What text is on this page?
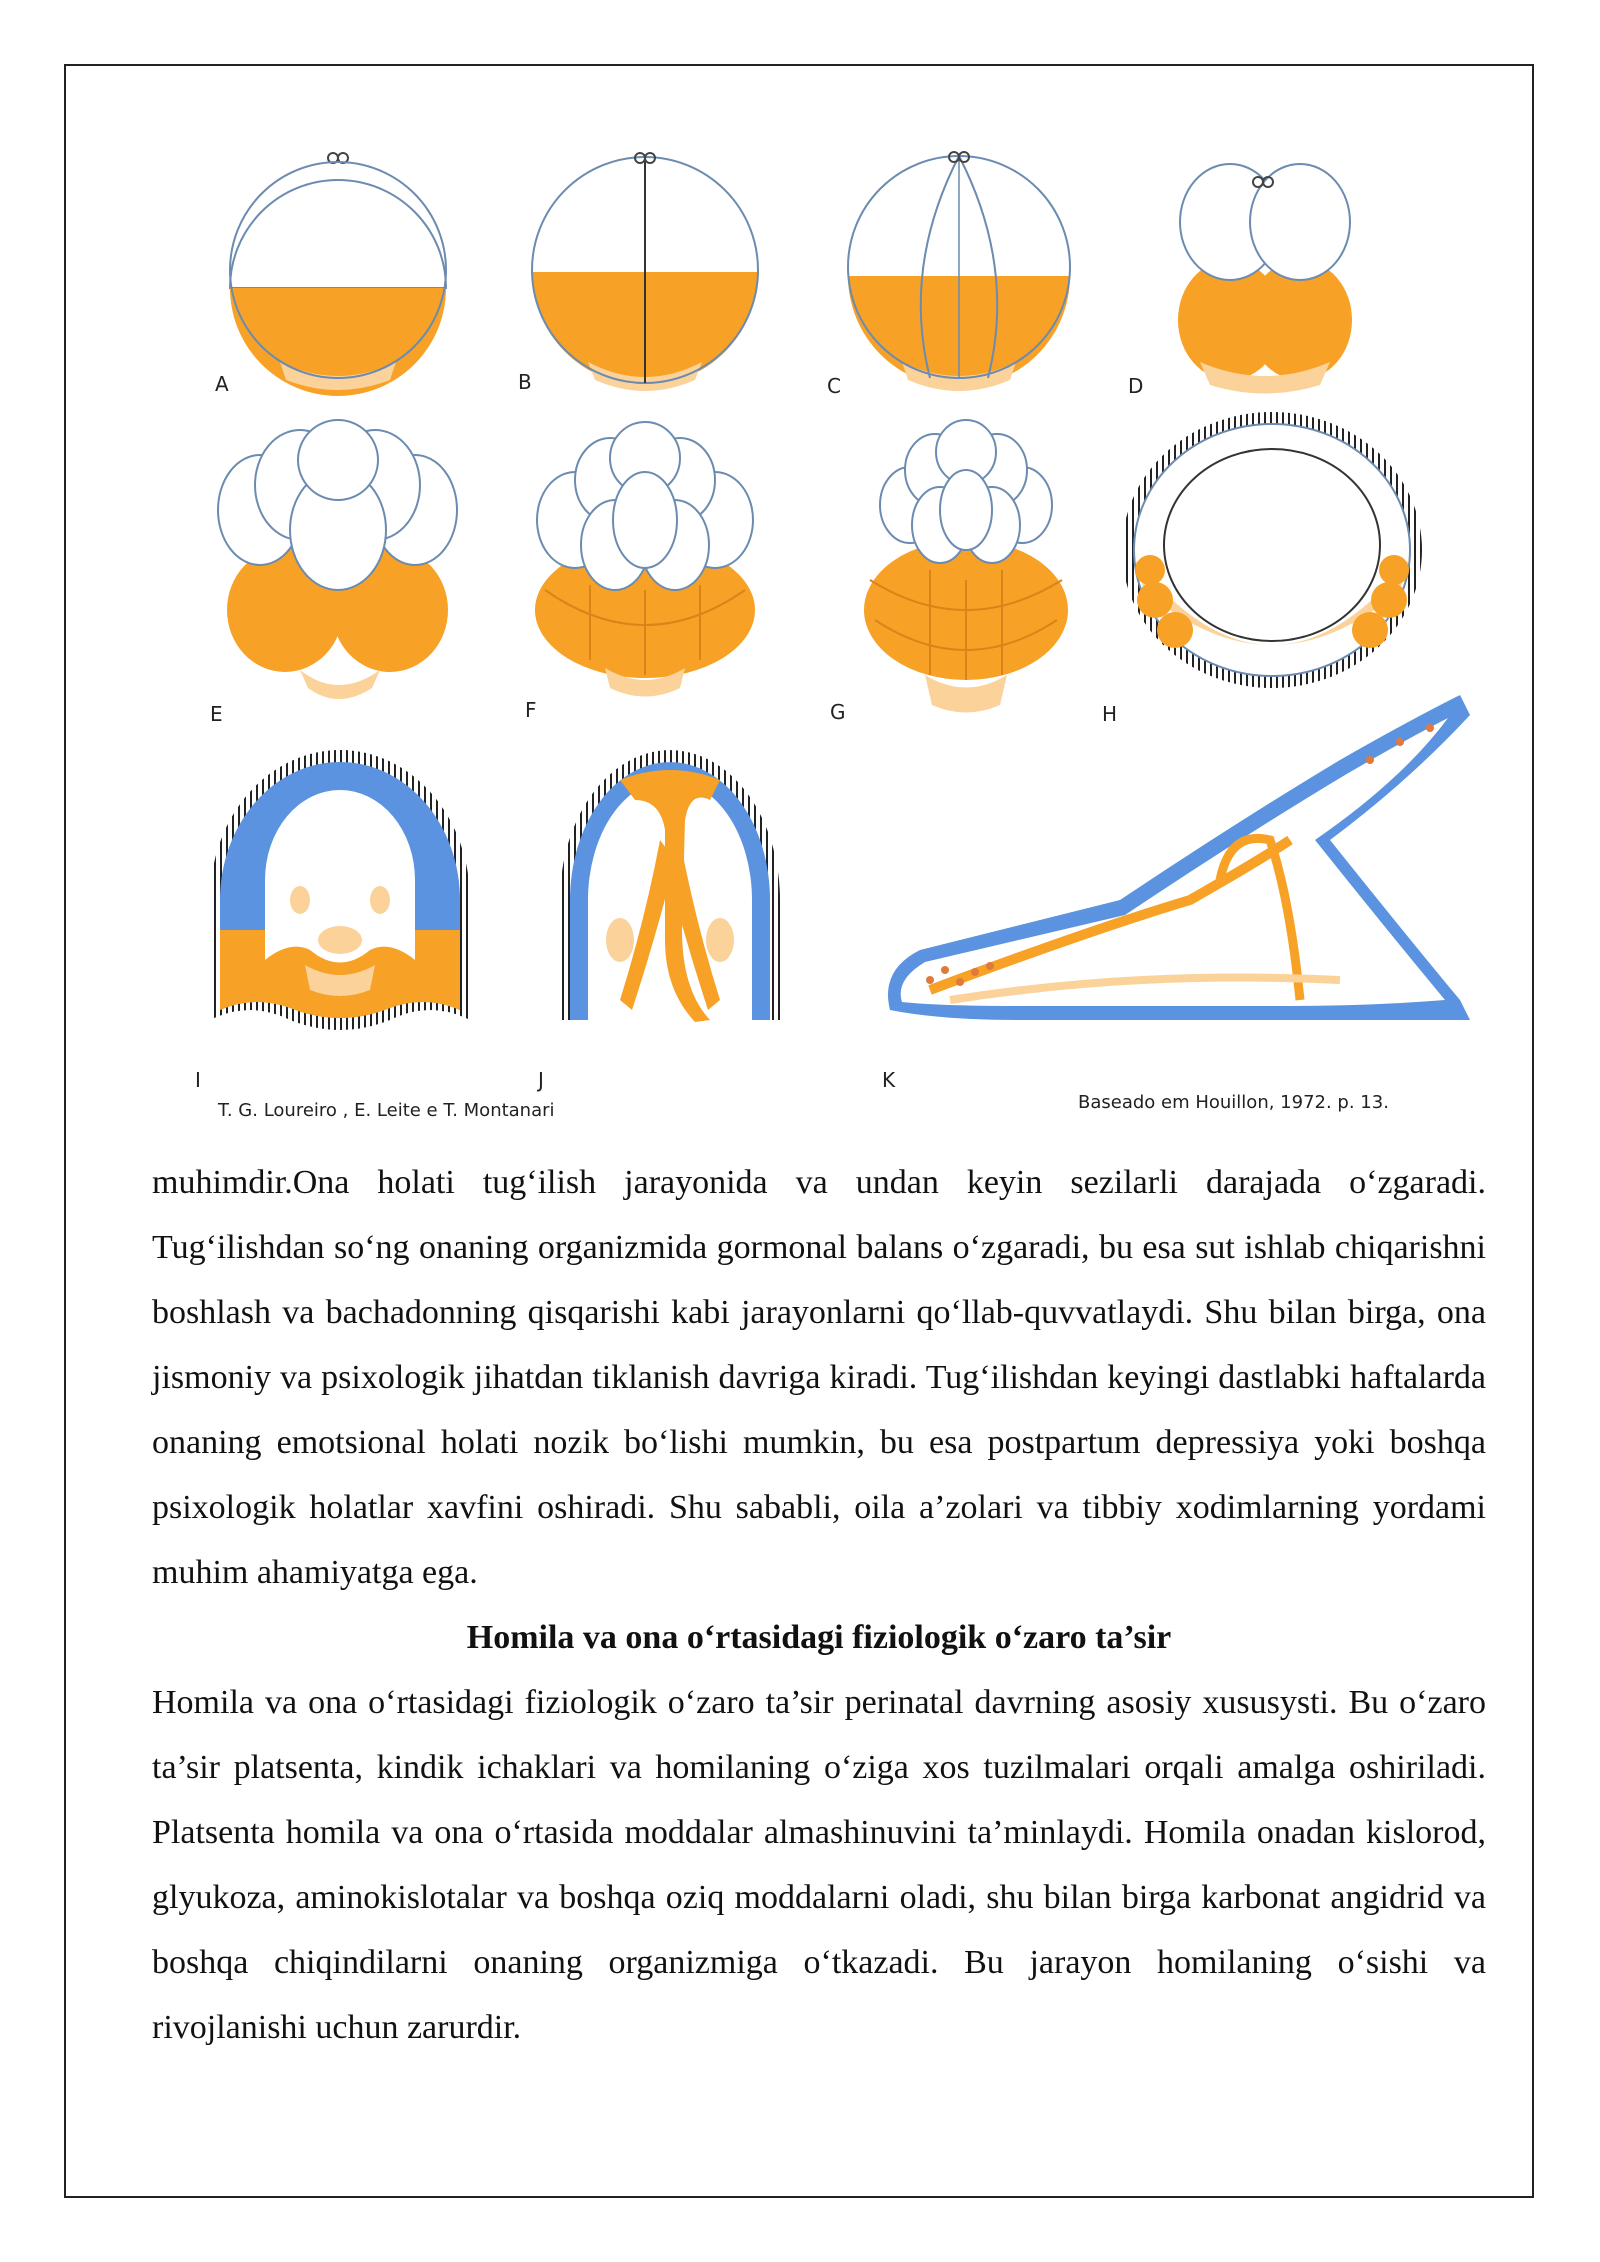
A	B	C	D
E	F	G	H
I	J	K
T. G. Loureiro , E. Leite e T. Montanari	Baseado em Houillon, 1972. p. 13.

muhimdir.Ona holati tug‘ilish jarayonida va undan keyin sezilarli darajada o‘zgaradi. Tug‘ilishdan so‘ng onaning organizmida gormonal balans o‘zgaradi, bu esa sut ishlab chiqarishni boshlash va bachadonning qisqarishi kabi jarayonlarni qo‘llab-quvvatlaydi. Shu bilan birga, ona jismoniy va psixologik jihatdan tiklanish davriga kiradi. Tug‘ilishdan keyingi dastlabki haftalarda onaning emotsional holati nozik bo‘lishi mumkin, bu esa postpartum depressiya yoki boshqa psixologik holatlar xavfini oshiradi. Shu sababli, oila a’zolari va tibbiy xodimlarning yordami muhim ahamiyatga ega.

Homila va ona o‘rtasidagi fiziologik o‘zaro ta’sir

Homila va ona o‘rtasidagi fiziologik o‘zaro ta’sir perinatal davrning asosiy xususysti. Bu o‘zaro ta’sir platsenta, kindik ichaklari va homilaning o‘ziga xos tuzilmalari orqali amalga oshiriladi. Platsenta homila va ona o‘rtasida moddalar almashinuvini ta’minlaydi. Homila onadan kislorod, glyukoza, aminokislotalar va boshqa oziq moddalarni oladi, shu bilan birga karbonat angidrid va boshqa chiqindilarni onaning organizmiga o‘tkazadi. Bu jarayon homilaning o‘sishi va rivojlanishi uchun zarurdir.
